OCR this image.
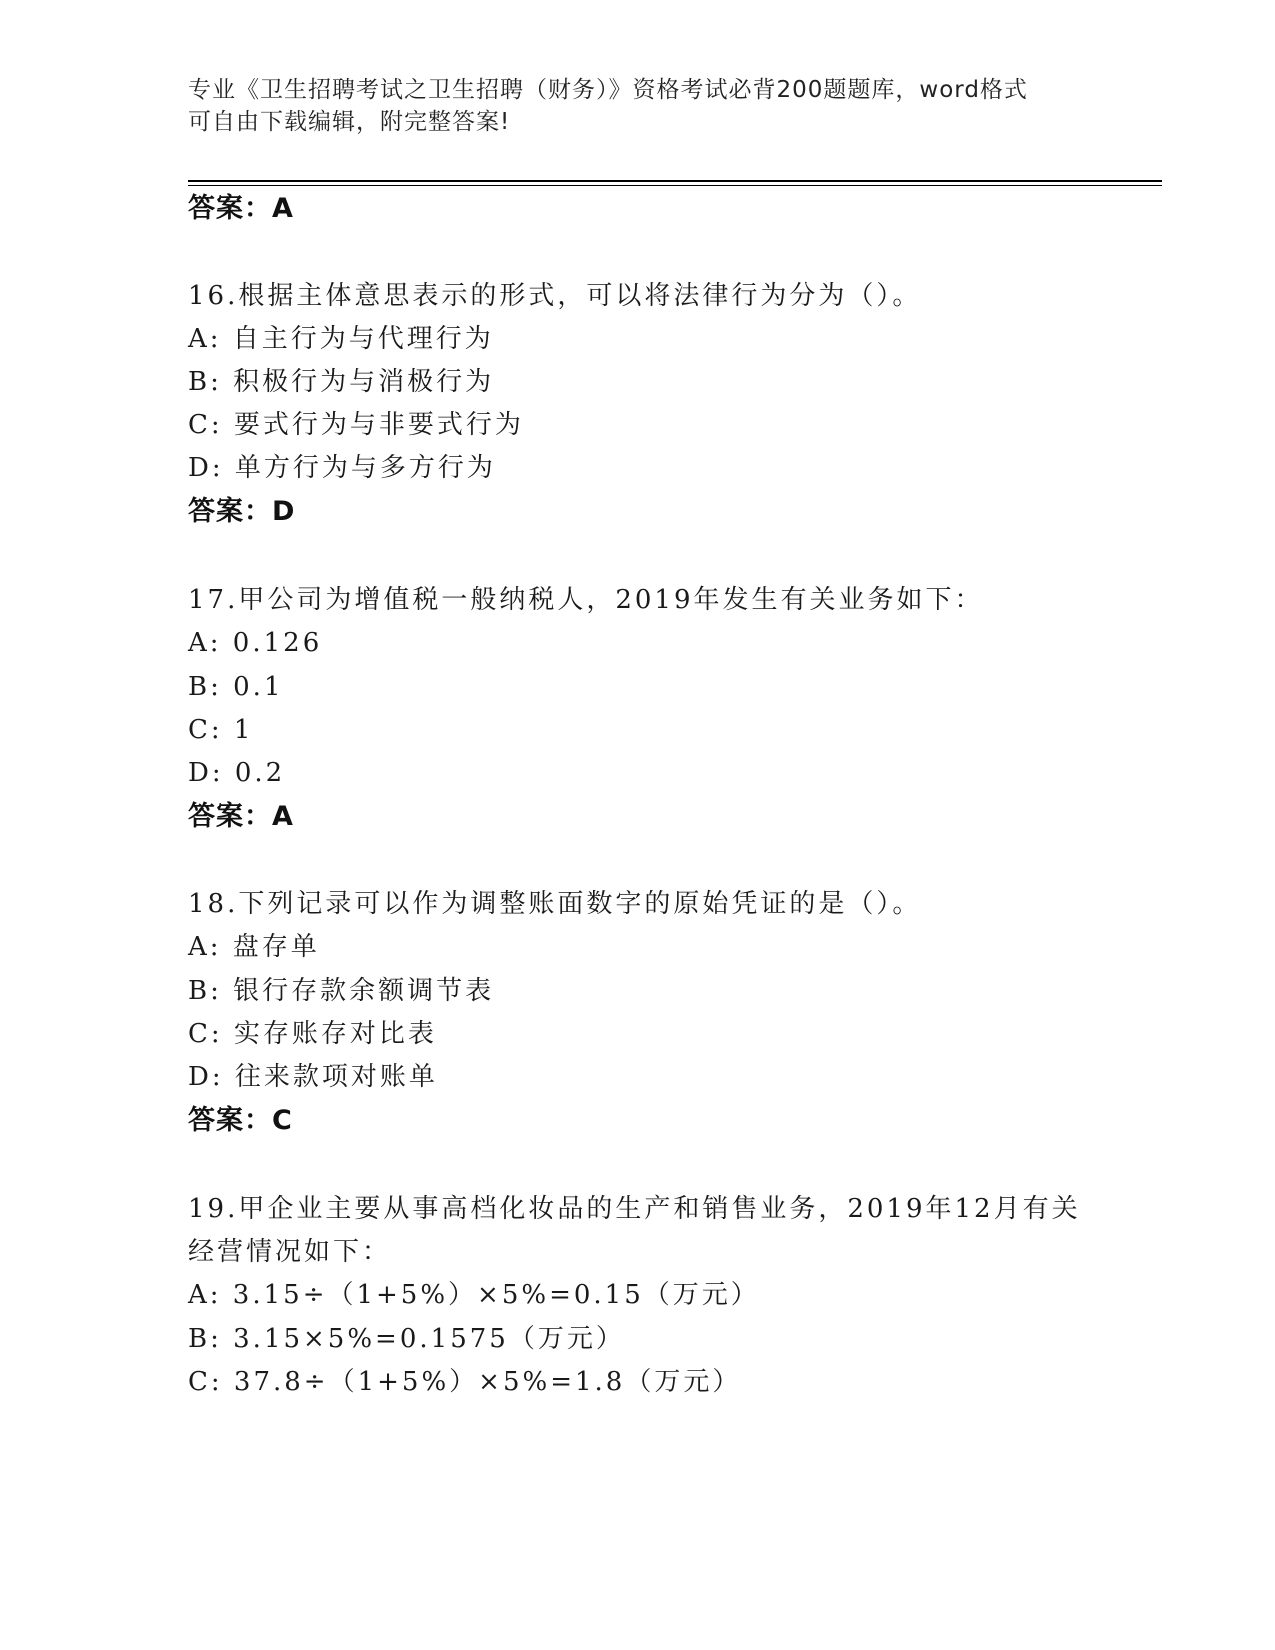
专业《卫生招聘考试之卫生招聘（财务）》资格考试必背200题题库，word格式
可自由下载编辑，附完整答案!
答案：A
16.根据主体意思表示的形式，可以将法律行为分为（）。
A: 自主行为与代理行为
B: 积极行为与消极行为
C: 要式行为与非要式行为
D: 单方行为与多方行为
答案：D
17.甲公司为增值税一般纳税人，2019年发生有关业务如下：
A: 0.126
B: 0.1
C: 1
D: 0.2
答案：A
18.下列记录可以作为调整账面数字的原始凭证的是（）。
A: 盘存单
B: 银行存款余额调节表
C: 实存账存对比表
D: 往来款项对账单
答案：C
19.甲企业主要从事高档化妆品的生产和销售业务，2019年12月有关
经营情况如下：
A: 3.15÷（1+5%）×5%=0.15（万元）
B: 3.15×5%=0.1575（万元）
C: 37.8÷（1+5%）×5%=1.8（万元）
